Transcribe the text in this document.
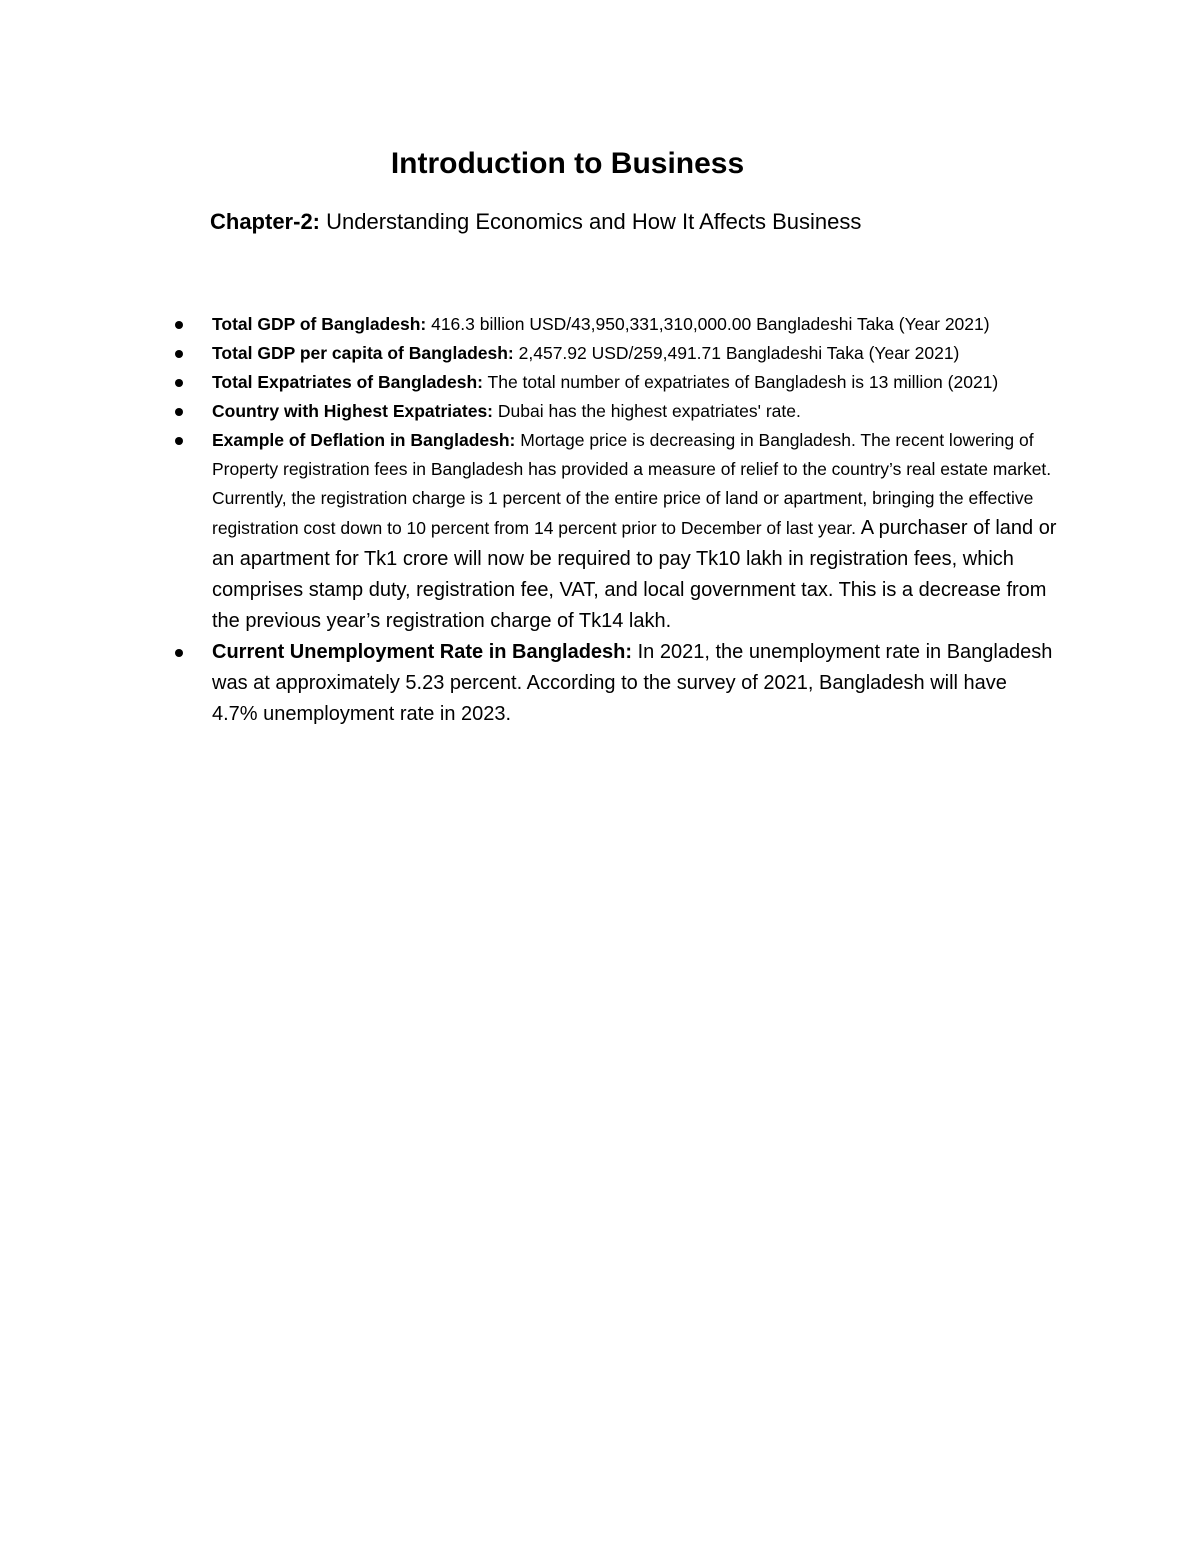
Introduction to Business

Chapter-2: Understanding Economics and How It Affects Business

Total GDP of Bangladesh: 416.3 billion USD/43,950,331,310,000.00 Bangladeshi Taka (Year 2021)
Total GDP per capita of Bangladesh: 2,457.92 USD/259,491.71 Bangladeshi Taka (Year 2021)
Total Expatriates of Bangladesh: The total number of expatriates of Bangladesh is 13 million (2021)
Country with Highest Expatriates: Dubai has the highest expatriates' rate.
Example of Deflation in Bangladesh: Mortage price is decreasing in Bangladesh. The recent lowering of Property registration fees in Bangladesh has provided a measure of relief to the country’s real estate market. Currently, the registration charge is 1 percent of the entire price of land or apartment, bringing the effective registration cost down to 10 percent from 14 percent prior to December of last year. A purchaser of land or an apartment for Tk1 crore will now be required to pay Tk10 lakh in registration fees, which comprises stamp duty, registration fee, VAT, and local government tax. This is a decrease from the previous year’s registration charge of Tk14 lakh.
Current Unemployment Rate in Bangladesh: In 2021, the unemployment rate in Bangladesh was at approximately 5.23 percent. According to the survey of 2021, Bangladesh will have 4.7% unemployment rate in 2023.
